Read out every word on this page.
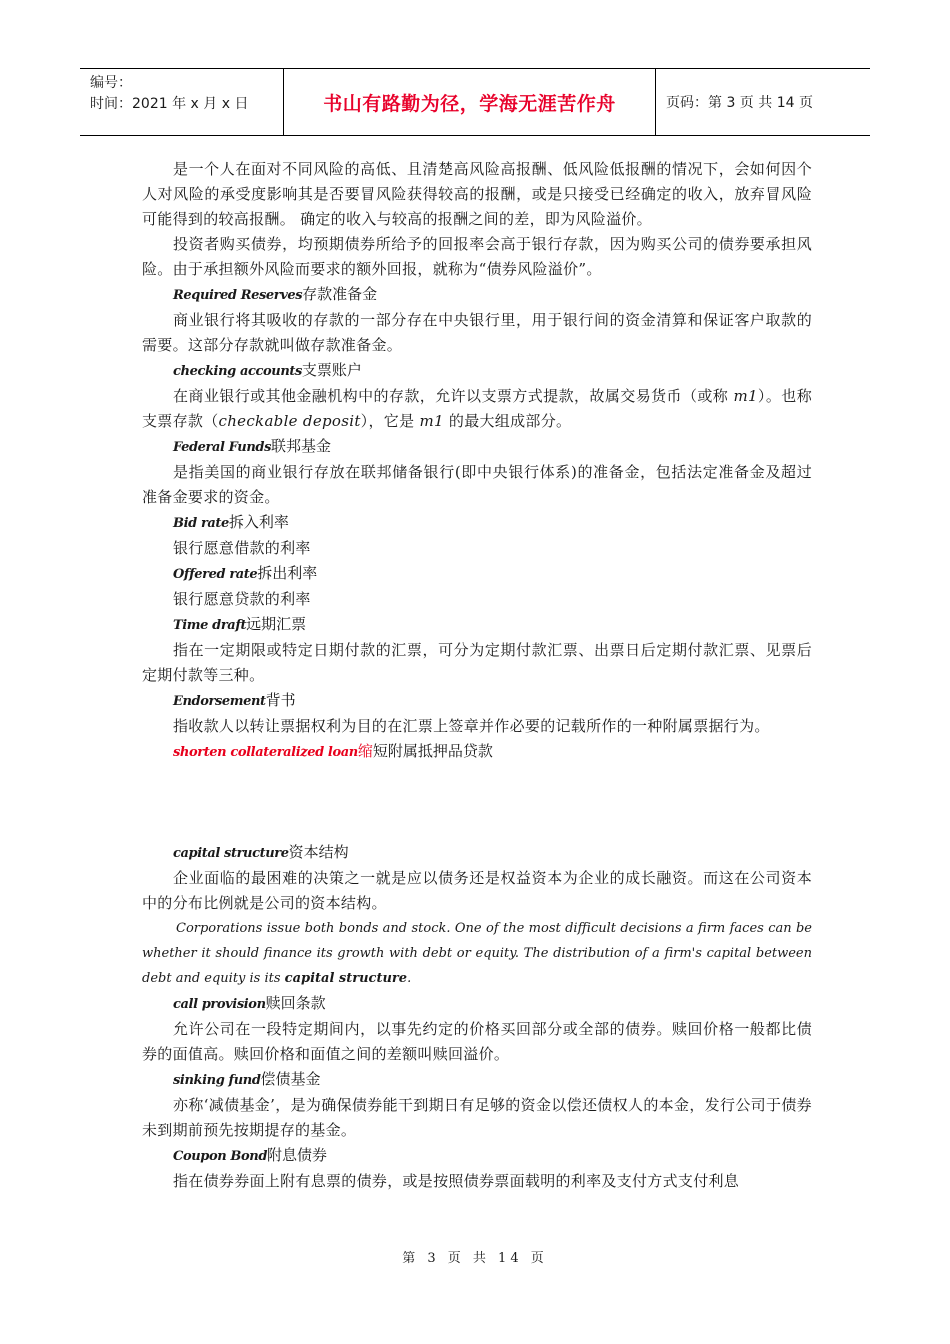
编号：
时间：2021 年 x 月 x 日	书山有路勤为径，学海无涯苦作舟	页码：第 3 页 共 14 页

是一个人在面对不同风险的高低、且清楚高风险高报酬、低风险低报酬的情况下，会如何因个人对风险的承受度影响其是否要冒风险获得较高的报酬，或是只接受已经确定的收入，放弃冒风险可能得到的较高报酬。 确定的收入与较高的报酬之间的差，即为风险溢价。

投资者购买债券，均预期债券所给予的回报率会高于银行存款，因为购买公司的债券要承担风险。由于承担额外风险而要求的额外回报，就称为“债券风险溢价”。

Required Reserves存款准备金

商业银行将其吸收的存款的一部分存在中央银行里，用于银行间的资金清算和保证客户取款的需要。这部分存款就叫做存款准备金。

checking accounts支票账户

在商业银行或其他金融机构中的存款，允许以支票方式提款，故属交易货币（或称 m1）。也称支票存款（checkable deposit），它是 m1 的最大组成部分。

Federal Funds联邦基金

是指美国的商业银行存放在联邦储备银行(即中央银行体系)的准备金，包括法定准备金及超过准备金要求的资金。

Bid rate拆入利率

银行愿意借款的利率

Offered rate拆出利率

银行愿意贷款的利率

Time draft远期汇票

指在一定期限或特定日期付款的汇票，可分为定期付款汇票、出票日后定期付款汇票、见票后定期付款等三种。

Endorsement背书

指收款人以转让票据权利为目的在汇票上签章并作必要的记载所作的一种附属票据行为。

shorten collateralized loan缩短附属抵押品贷款

capital structure资本结构

企业面临的最困难的决策之一就是应以债务还是权益资本为企业的成长融资。而这在公司资本中的分布比例就是公司的资本结构。

Corporations issue both bonds and stock. One of the most difficult decisions a firm faces can be whether it should finance its growth with debt or equity. The distribution of a firm's capital between debt and equity is its capital structure.

call provision赎回条款

允许公司在一段特定期间内，以事先约定的价格买回部分或全部的债券。赎回价格一般都比债券的面值高。赎回价格和面值之间的差额叫赎回溢价。

sinking fund偿债基金

亦称‘减债基金’，是为确保债券能干到期日有足够的资金以偿还债权人的本金，发行公司于债券未到期前预先按期提存的基金。

Coupon Bond附息债券

指在债券券面上附有息票的债券，或是按照债券票面载明的利率及支付方式支付利息

第 3 页 共 14 页
